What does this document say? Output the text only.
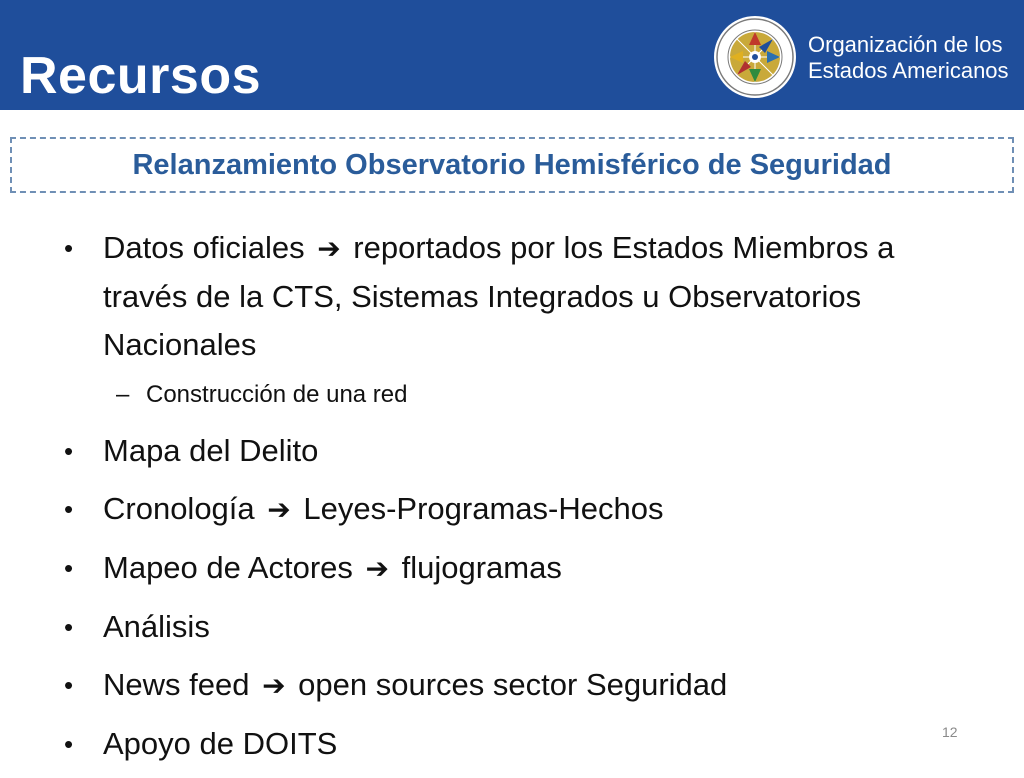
Recursos
Organización de los
Estados Americanos
Relanzamiento Observatorio Hemisférico de Seguridad
• Datos oficiales ➔ reportados por los Estados Miembros a través de la CTS, Sistemas Integrados u Observatorios Nacionales
– Construcción de una red
• Mapa del Delito
• Cronología ➔ Leyes-Programas-Hechos
• Mapeo de Actores ➔ flujogramas
• Análisis
• News feed ➔ open sources sector Seguridad
• Apoyo de DOITS	12
